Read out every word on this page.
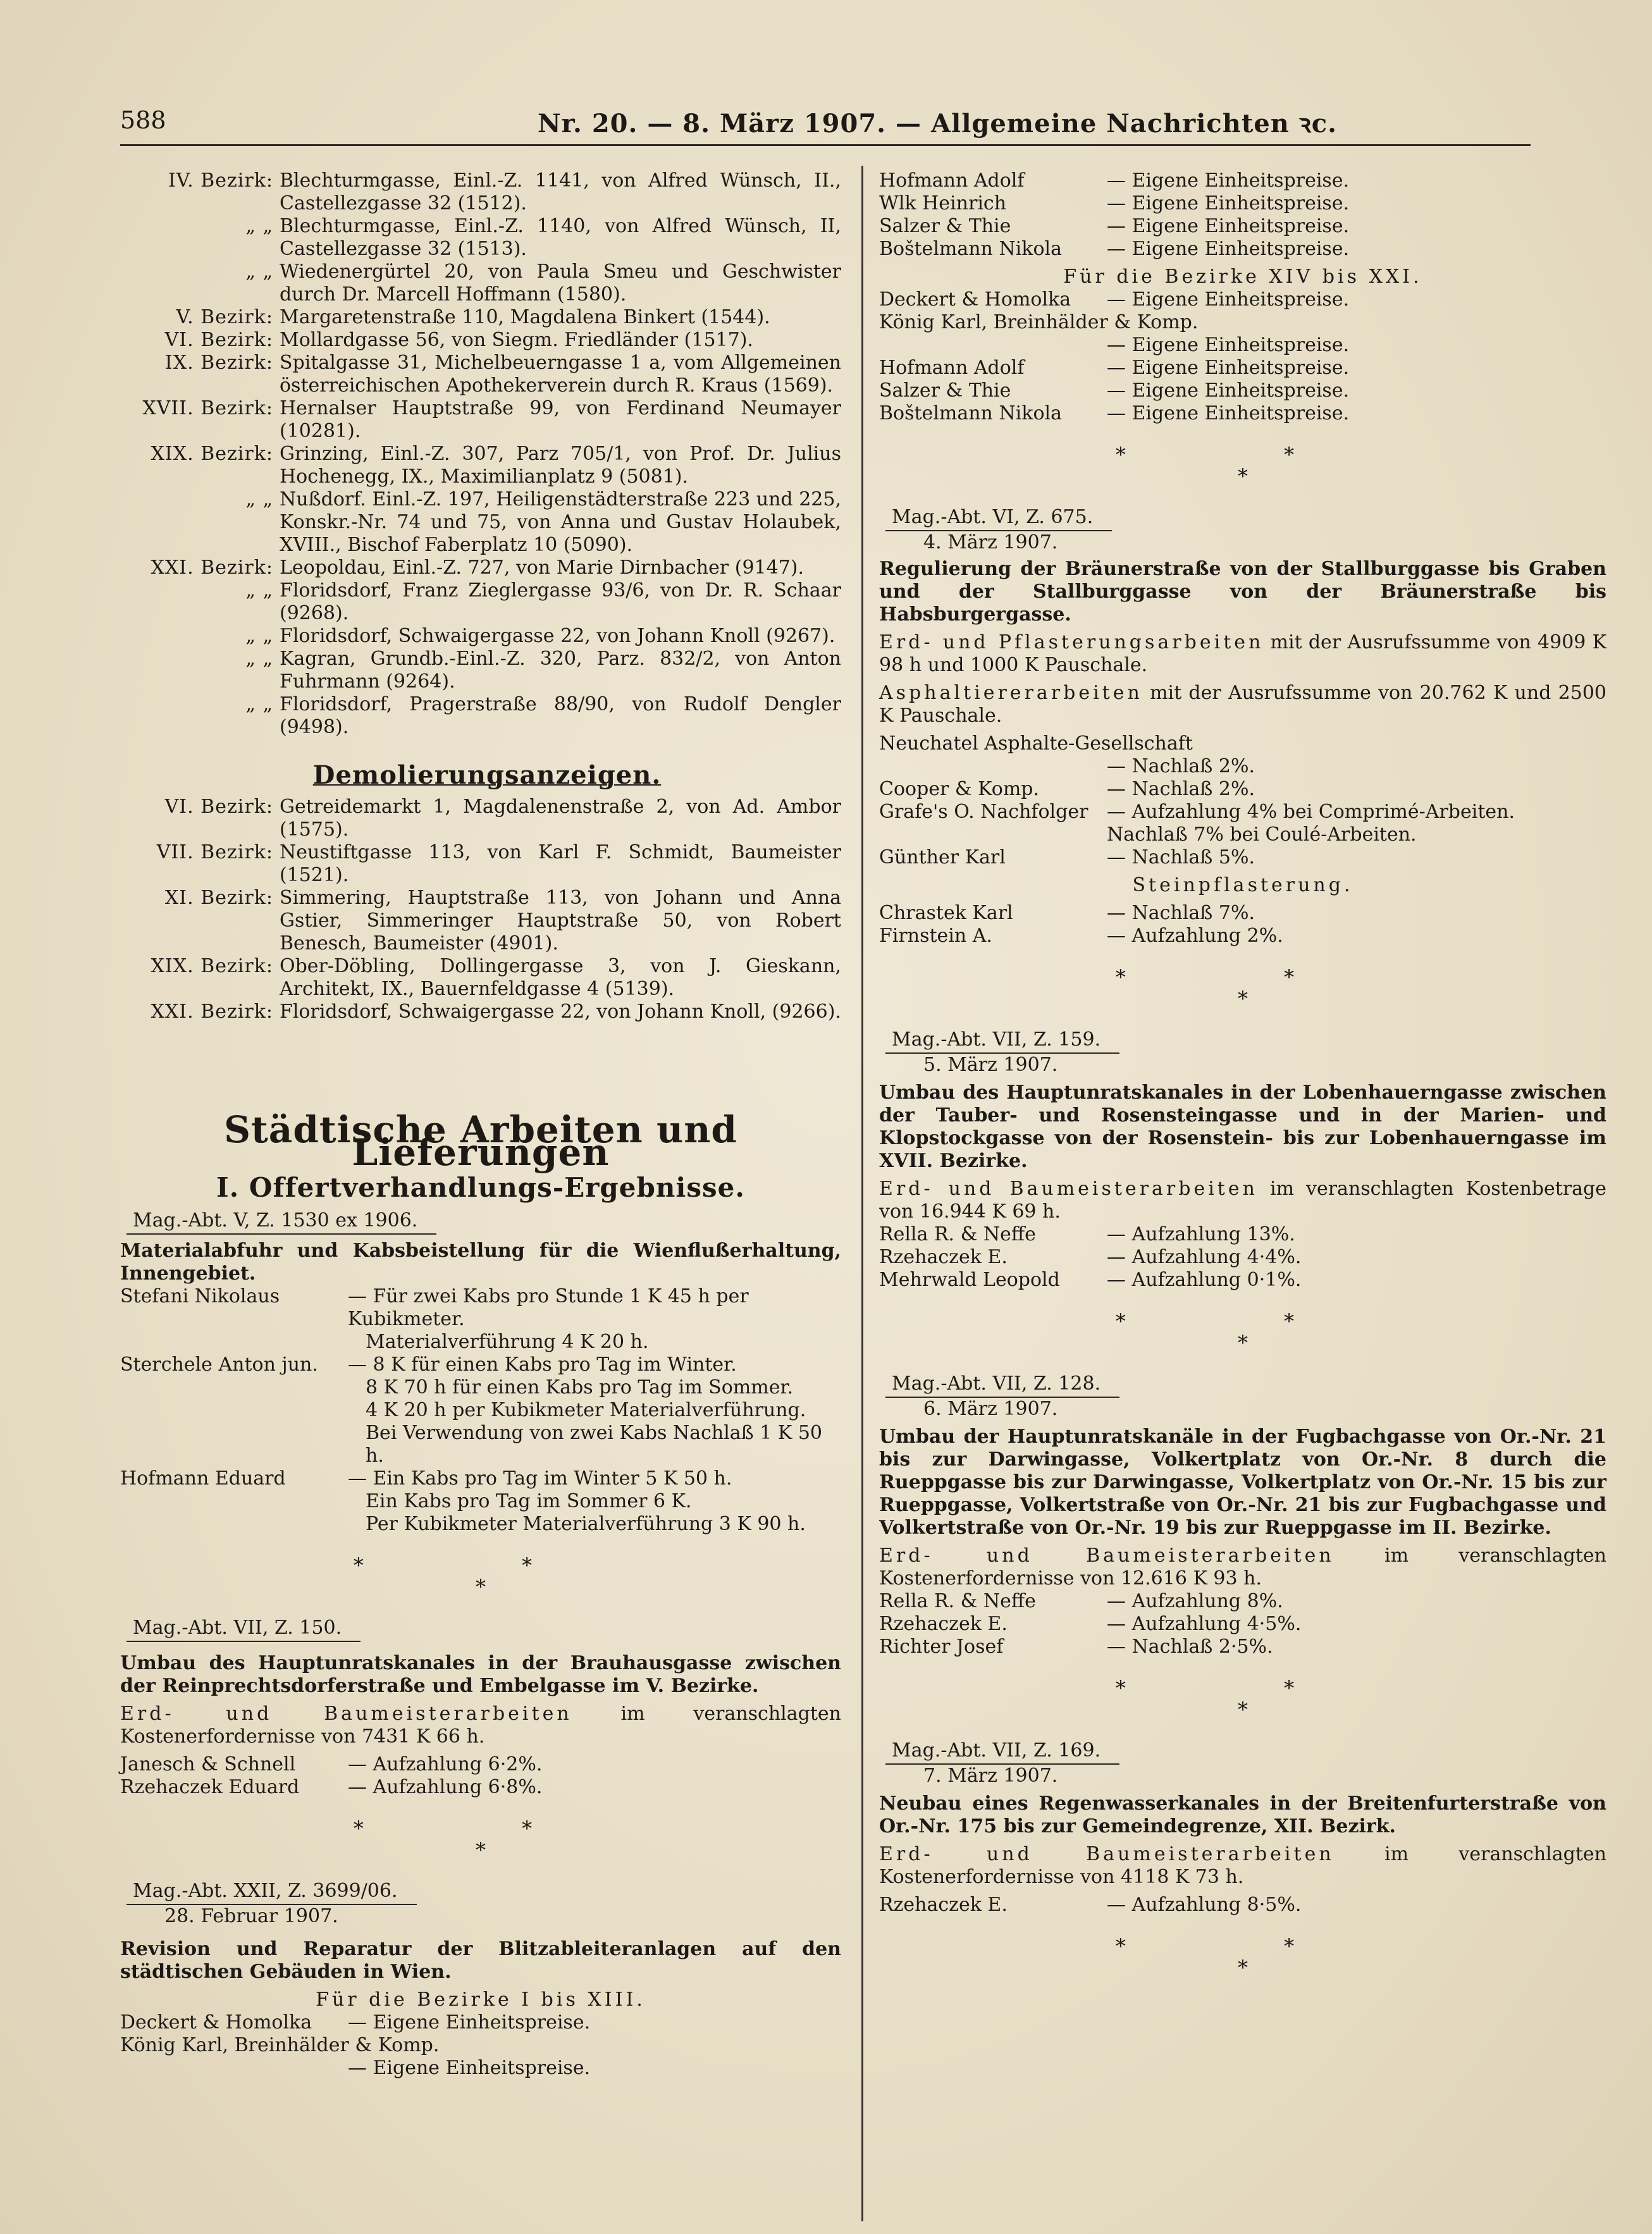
588	Nr. 20. — 8. März 1907. — Allgemeine Nachrichten ꝛc.
IV. Bezirk: Blechturmgasse, Einl.-Z. 1141, von Alfred Wünsch, II., Castellezgasse 32 (1512).
„ „ Blechturmgasse, Einl.-Z. 1140, von Alfred Wünsch, II, Castellezgasse 32 (1513).
„ „ Wiedenergürtel 20, von Paula Smeu und Geschwister durch Dr. Marcell Hoffmann (1580).
V. Bezirk: Margaretenstraße 110, Magdalena Binkert (1544).
VI. Bezirk: Mollardgasse 56, von Siegm. Friedländer (1517).
IX. Bezirk: Spitalgasse 31, Michelbeuerngasse 1 a, vom Allgemeinen österreichischen Apothekerverein durch R. Kraus (1569).
XVII. Bezirk: Hernalser Hauptstraße 99, von Ferdinand Neumayer (10281).
XIX. Bezirk: Grinzing, Einl.-Z. 307, Parz 705/1, von Prof. Dr. Julius Hochenegg, IX., Maximilianplatz 9 (5081).
„ „ Nußdorf. Einl.-Z. 197, Heiligenstädterstraße 223 und 225, Konskr.-Nr. 74 und 75, von Anna und Gustav Holaubek, XVIII., Bischof Faberplatz 10 (5090).
XXI. Bezirk: Leopoldau, Einl.-Z. 727, von Marie Dirnbacher (9147).
„ „ Floridsdorf, Franz Zieglergasse 93/6, von Dr. R. Schaar (9268).
„ „ Floridsdorf, Schwaigergasse 22, von Johann Knoll (9267).
„ „ Kagran, Grundb.-Einl.-Z. 320, Parz. 832/2, von Anton Fuhrmann (9264).
„ „ Floridsdorf, Pragerstraße 88/90, von Rudolf Dengler (9498).
Demolierungsanzeigen.
VI. Bezirk: Getreidemarkt 1, Magdalenenstraße 2, von Ad. Ambor (1575).
VII. Bezirk: Neustiftgasse 113, von Karl F. Schmidt, Baumeister (1521).
XI. Bezirk: Simmering, Hauptstraße 113, von Johann und Anna Gstier, Simmeringer Hauptstraße 50, von Robert Benesch, Baumeister (4901).
XIX. Bezirk: Ober-Döbling, Dollingergasse 3, von J. Gieskann, Architekt, IX., Bauernfeldgasse 4 (5139).
XXI. Bezirk: Floridsdorf, Schwaigergasse 22, von Johann Knoll, (9266).
Städtische Arbeiten und Lieferungen
I. Offertverhandlungs-Ergebnisse.
Mag.-Abt. V, Z. 1530 ex 1906.
Materialabfuhr und Kabsbeistellung für die Wienflußerhaltung, Innengebiet.
Stefani Nikolaus	— Für zwei Kabs pro Stunde 1 K 45 h per Kubikmeter.
Materialverführung 4 K 20 h.
Sterchele Anton jun.	— 8 K für einen Kabs pro Tag im Winter.
8 K 70 h für einen Kabs pro Tag im Sommer.
4 K 20 h per Kubikmeter Materialverführung.
Bei Verwendung von zwei Kabs Nachlaß 1 K 50 h.
Hofmann Eduard	— Ein Kabs pro Tag im Winter 5 K 50 h.
Ein Kabs pro Tag im Sommer 6 K.
Per Kubikmeter Materialverführung 3 K 90 h.
*	*
*
Mag.-Abt. VII, Z. 150.
Umbau des Hauptunratskanales in der Brauhausgasse zwischen der Reinprechtsdorferstraße und Embelgasse im V. Bezirke.
Erd- und Baumeisterarbeiten	im veranschlagten Kostenerfordernisse von 7431 K 66 h.
Janesch & Schnell	— Aufzahlung 6·2%.
Rzehaczek Eduard	— Aufzahlung 6·8%.
*	*
*
Mag.-Abt. XXII, Z. 3699/06.
28. Februar 1907.
Revision und Reparatur der Blitzableiteranlagen auf den städtischen Gebäuden in Wien.
Für die Bezirke I bis XIII.
Deckert & Homolka	— Eigene Einheitspreise.
König Karl, Breinhälder & Komp.
— Eigene Einheitspreise.
Hofmann Adolf	— Eigene Einheitspreise.
Wlk Heinrich	— Eigene Einheitspreise.
Salzer & Thie	— Eigene Einheitspreise.
Boštelmann Nikola	— Eigene Einheitspreise.
Für die Bezirke XIV bis XXI.
Deckert & Homolka	— Eigene Einheitspreise.
König Karl, Breinhälder & Komp.
— Eigene Einheitspreise.
Hofmann Adolf	— Eigene Einheitspreise.
Salzer & Thie	— Eigene Einheitspreise.
Boštelmann Nikola	— Eigene Einheitspreise.
*	*
*
Mag.-Abt. VI, Z. 675.
4. März 1907.
Regulierung der Bräunerstraße von der Stallburggasse bis Graben und der Stallburggasse von der Bräunerstraße bis Habsburgergasse.
Erd- und Pflasterungsarbeiten mit der Ausrufssumme von 4909 K 98 h und 1000 K Pauschale.
Asphaltiererarbeiten mit der Ausrufssumme von 20.762 K und 2500 K Pauschale.
Neuchatel Asphalte-Gesellschaft
— Nachlaß 2%.
Cooper & Komp.	— Nachlaß 2%.
Grafe's O. Nachfolger — Aufzahlung 4% bei Comprimé-Arbeiten.
Nachlaß 7% bei Coulé-Arbeiten.
Günther Karl	— Nachlaß 5%.
Steinpflasterung.
Chrastek Karl	— Nachlaß 7%.
Firnstein A.	— Aufzahlung 2%.
*	*
*
Mag.-Abt. VII, Z. 159.
5. März 1907.
Umbau des Hauptunratskanales in der Lobenhauerngasse zwischen der Tauber- und Rosensteingasse und in der Marien- und Klopstockgasse von der Rosenstein- bis zur Lobenhauerngasse im XVII. Bezirke.
Erd- und Baumeisterarbeiten im veranschlagten Kostenbetrage von 16.944 K 69 h.
Rella R. & Neffe	— Aufzahlung 13%.
Rzehaczek E.	— Aufzahlung 4·4%.
Mehrwald Leopold	— Aufzahlung 0·1%.
*	*
*
Mag.-Abt. VII, Z. 128.
6. März 1907.
Umbau der Hauptunratskanäle in der Fugbachgasse von Or.-Nr. 21 bis zur Darwingasse, Volkertplatz von Or.-Nr. 8 durch die Rueppgasse bis zur Darwingasse, Volkertplatz von Or.-Nr. 15 bis zur Rueppgasse, Volkertstraße von Or.-Nr. 21 bis zur Fugbachgasse und Volkertstraße von Or.-Nr. 19 bis zur Rueppgasse im II. Bezirke.
Erd- und Baumeisterarbeiten	im veranschlagten Kostenerfordernisse von 12.616 K 93 h.
Rella R. & Neffe	— Aufzahlung 8%.
Rzehaczek E.	— Aufzahlung 4·5%.
Richter Josef	— Nachlaß 2·5%.
*	*
*
Mag.-Abt. VII, Z. 169.
7. März 1907.
Neubau eines Regenwasserkanales in der Breitenfurterstraße von Or.-Nr. 175 bis zur Gemeindegrenze, XII. Bezirk.
Erd- und Baumeisterarbeiten	im veranschlagten Kostenerfordernisse von 4118 K 73 h.
Rzehaczek E.	— Aufzahlung 8·5%.
*	*
*
